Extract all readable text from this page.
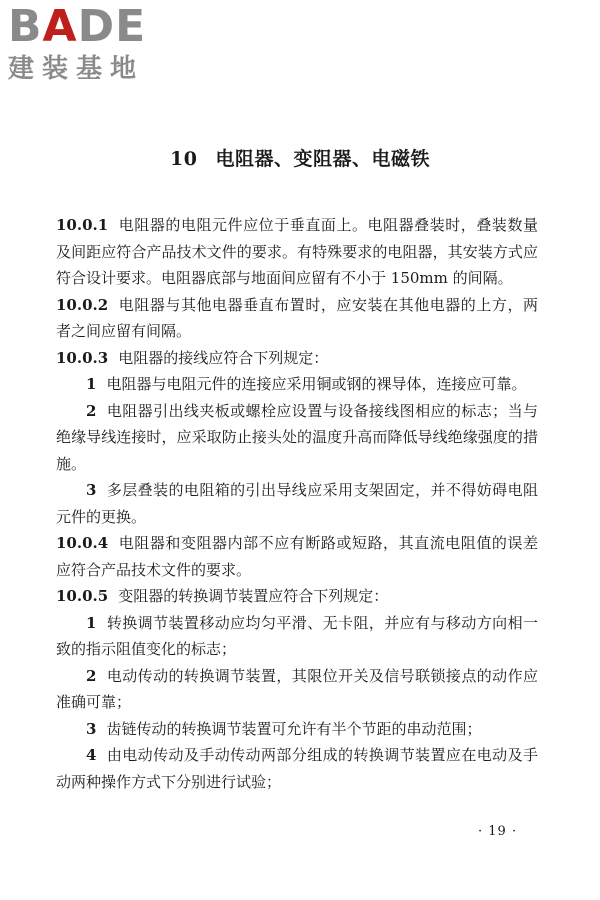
B A DE
建装基地
10 电阻器、变阻器、电磁铁

10.0.1 电阻器的电阻元件应位于垂直面上。电阻器叠装时，叠装数量及间距应符合产品技术文件的要求。有特殊要求的电阻器，其安装方式应符合设计要求。电阻器底部与地面间应留有不小于 150mm 的间隔。

10.0.2 电阻器与其他电器垂直布置时，应安装在其他电器的上方，两者之间应留有间隔。

10.0.3 电阻器的接线应符合下列规定：

1 电阻器与电阻元件的连接应采用铜或钢的裸导体，连接应可靠。

2 电阻器引出线夹板或螺栓应设置与设备接线图相应的标志；当与绝缘导线连接时，应采取防止接头处的温度升高而降低导线绝缘强度的措施。

3 多层叠装的电阻箱的引出导线应采用支架固定，并不得妨碍电阻元件的更换。

10.0.4 电阻器和变阻器内部不应有断路或短路，其直流电阻值的误差应符合产品技术文件的要求。

10.0.5 变阻器的转换调节装置应符合下列规定：

1 转换调节装置移动应均匀平滑、无卡阻，并应有与移动方向相一致的指示阻值变化的标志；

2 电动传动的转换调节装置，其限位开关及信号联锁接点的动作应准确可靠；

3 齿链传动的转换调节装置可允许有半个节距的串动范围；

4 由电动传动及手动传动两部分组成的转换调节装置应在电动及手动两种操作方式下分别进行试验；

· 19 ·
